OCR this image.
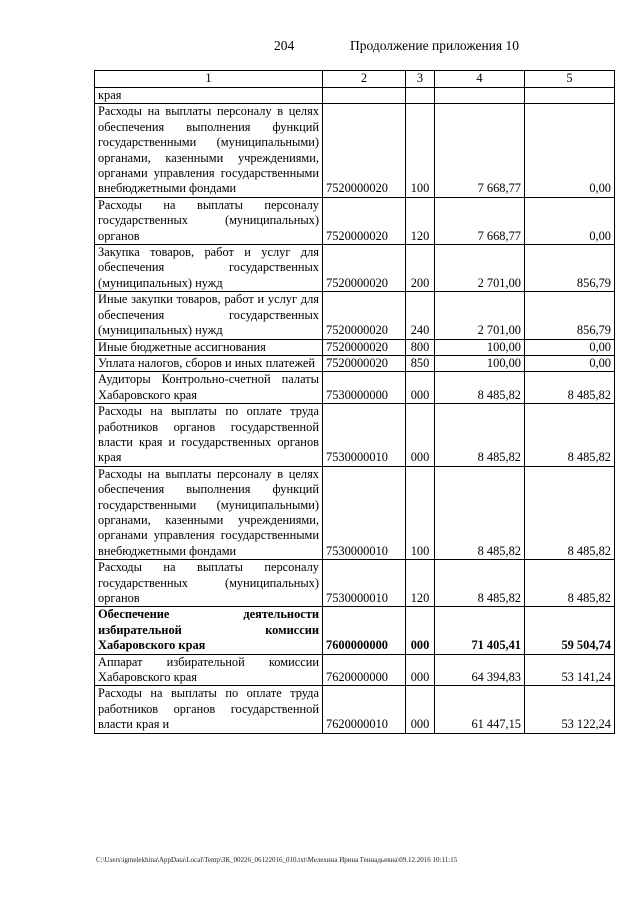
204	Продолжение приложения 10
1	2	3	4	5
края				
Расходы на выплаты персоналу в целях обеспечения выполнения функций государственными (муниципальными) органами, казенными учреждениями, органами управления государственными внебюджетными фондами	7520000020	100	7 668,77	0,00
Расходы на выплаты персоналу государственных (муниципальных) органов	7520000020	120	7 668,77	0,00
Закупка товаров, работ и услуг для обеспечения государственных (муниципальных) нужд	7520000020	200	2 701,00	856,79
Иные закупки товаров, работ и услуг для обеспечения государственных (муниципальных) нужд	7520000020	240	2 701,00	856,79
Иные бюджетные ассигнования	7520000020	800	100,00	0,00
Уплата налогов, сборов и иных платежей	7520000020	850	100,00	0,00
Аудиторы Контрольно-счетной палаты Хабаровского края	7530000000	000	8 485,82	8 485,82
Расходы на выплаты по оплате труда работников органов государственной власти края и государственных органов края	7530000010	000	8 485,82	8 485,82
Расходы на выплаты персоналу в целях обеспечения выполнения функций государственными (муниципальными) органами, казенными учреждениями, органами управления государственными внебюджетными фондами	7530000010	100	8 485,82	8 485,82
Расходы на выплаты персоналу государственных (муниципальных) органов	7530000010	120	8 485,82	8 485,82
Обеспечение деятельности избирательной комиссии Хабаровского края	7600000000	000	71 405,41	59 504,74
Аппарат избирательной комиссии Хабаровского края	7620000000	000	64 394,83	53 141,24
Расходы на выплаты по оплате труда работников органов государственной власти края и	7620000010	000	61 447,15	53 122,24
C:\Users\igmelekhina\AppData\Local\Temp\ЗК_00226_06122016_010.txt\Мелехина Ирина Геннадьевна\09.12.2016 10:11:15
